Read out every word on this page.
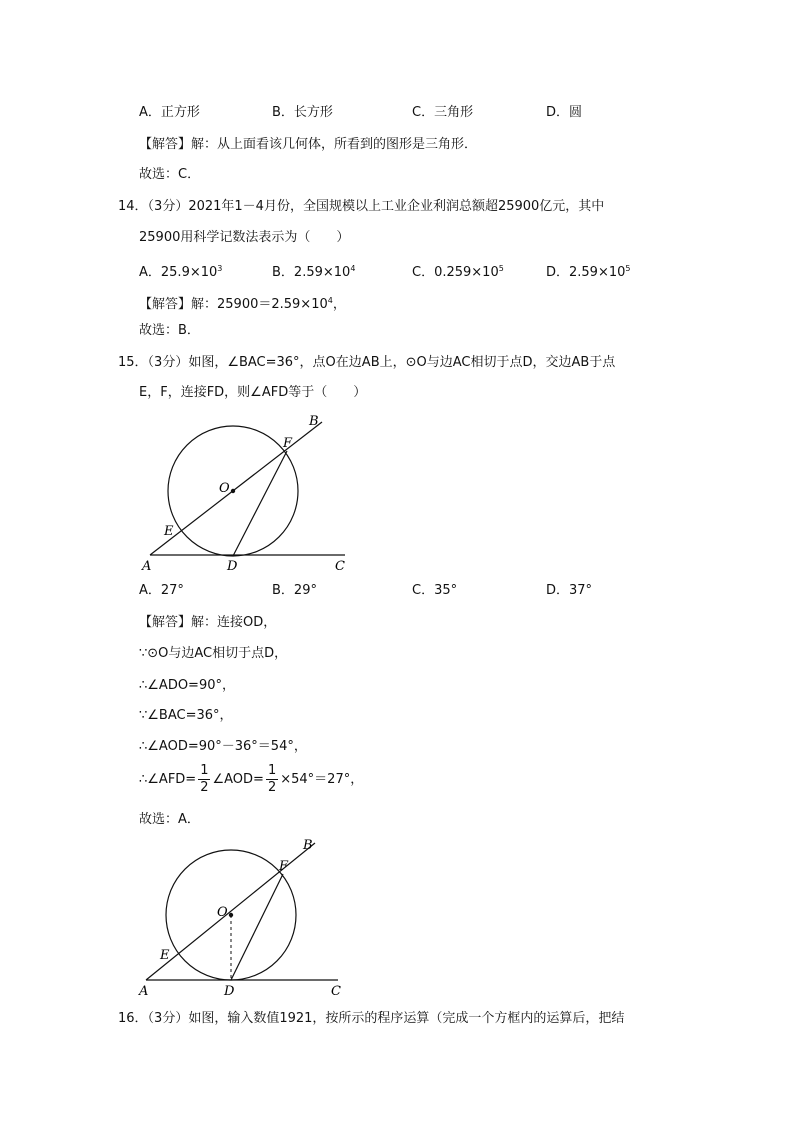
A．正方形	B．长方形	C．三角形	D．圆
【解答】解：从上面看该几何体，所看到的图形是三角形．
故选：C．
14．（3分）2021年1－4月份，全国规模以上工业企业利润总额超25900亿元，其中
25900用科学记数法表示为（　　）
A．$25.9\times 10^3$	B．$2.59\times 10^4$	C．$0.259\times 10^5$	D．$2.59\times 10^5$
【解答】解：$25900=2.59\times 10^4$，
故选：B．
15．（3分）如图，∠BAC=36°，点O在边AB上，⊙O与边AC相切于点D，交边AB于点
E，F，连接FD，则∠AFD等于（　　）
B
F
O
E
A	D	C
A．27°	B．29°	C．35°	D．37°
【解答】解：连接OD，
∵⊙O与边AC相切于点D，
∴∠ADO=90°，
∵∠BAC=36°，
∴∠AOD=90°－36°＝54°，
∴∠AFD= $\frac{1}{2}$ ∠AOD= $\frac{1}{2} \times 54^\circ=27^\circ$，
故选：A．
B
F
O
E
A	D	C
16．（3分）如图，输入数值1921，按所示的程序运算（完成一个方框内的运算后，把结
